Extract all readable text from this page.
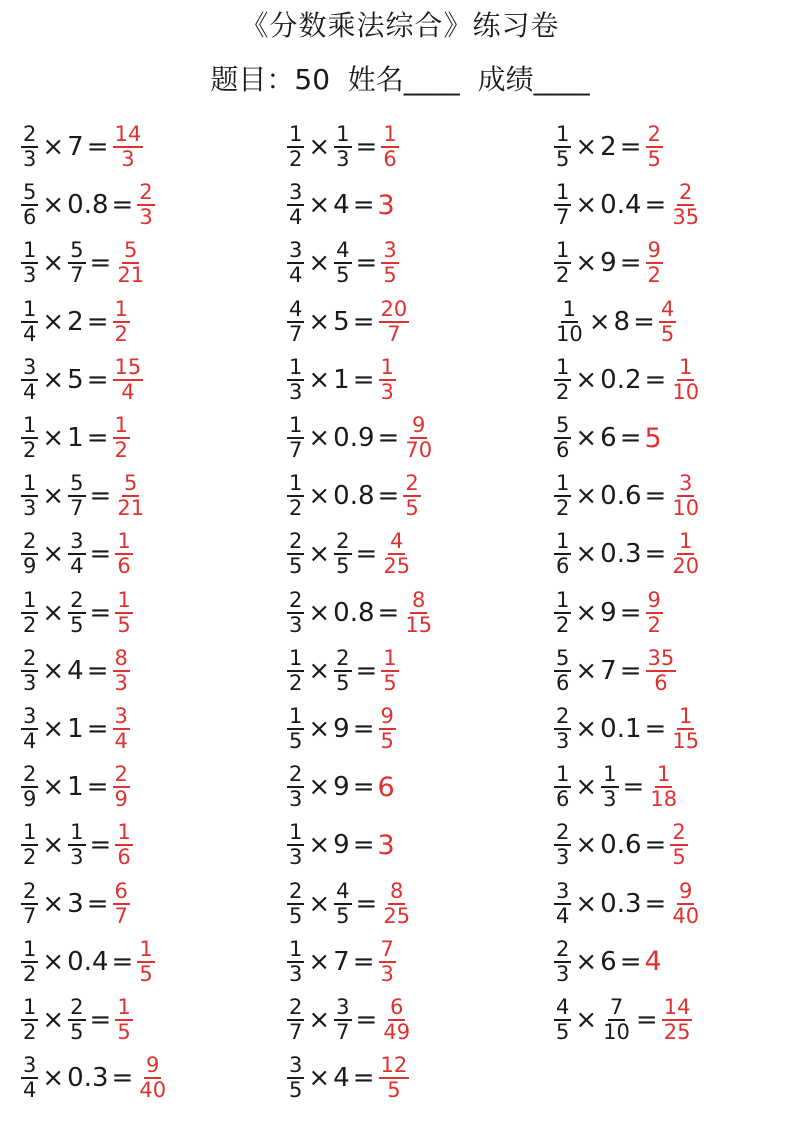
《分数乘法综合》练习卷
题目：50  姓名____  成绩____
$\frac{2}{3} \times 7 = \frac{14}{3}$
$\frac{5}{6} \times 0.8 = \frac{2}{3}$
$\frac{1}{3} \times \frac{5}{7} = \frac{5}{21}$
$\frac{1}{4} \times 2 = \frac{1}{2}$
$\frac{3}{4} \times 5 = \frac{15}{4}$
$\frac{1}{2} \times 1 = \frac{1}{2}$
$\frac{1}{3} \times \frac{5}{7} = \frac{5}{21}$
$\frac{2}{9} \times \frac{3}{4} = \frac{1}{6}$
$\frac{1}{2} \times \frac{2}{5} = \frac{1}{5}$
$\frac{2}{3} \times 4 = \frac{8}{3}$
$\frac{3}{4} \times 1 = \frac{3}{4}$
$\frac{2}{9} \times 1 = \frac{2}{9}$
$\frac{1}{2} \times \frac{1}{3} = \frac{1}{6}$
$\frac{2}{7} \times 3 = \frac{6}{7}$
$\frac{1}{2} \times 0.4 = \frac{1}{5}$
$\frac{1}{2} \times \frac{2}{5} = \frac{1}{5}$
$\frac{3}{4} \times 0.3 = \frac{9}{40}$
$\frac{1}{2} \times \frac{1}{3} = \frac{1}{6}$
$\frac{3}{4} \times 4 = 3$
$\frac{3}{4} \times \frac{4}{5} = \frac{3}{5}$
$\frac{4}{7} \times 5 = \frac{20}{7}$
$\frac{1}{3} \times 1 = \frac{1}{3}$
$\frac{1}{7} \times 0.9 = \frac{9}{70}$
$\frac{1}{2} \times 0.8 = \frac{2}{5}$
$\frac{2}{5} \times \frac{2}{5} = \frac{4}{25}$
$\frac{2}{3} \times 0.8 = \frac{8}{15}$
$\frac{1}{2} \times \frac{2}{5} = \frac{1}{5}$
$\frac{1}{5} \times 9 = \frac{9}{5}$
$\frac{2}{3} \times 9 = 6$
$\frac{1}{3} \times 9 = 3$
$\frac{2}{5} \times \frac{4}{5} = \frac{8}{25}$
$\frac{1}{3} \times 7 = \frac{7}{3}$
$\frac{2}{7} \times \frac{3}{7} = \frac{6}{49}$
$\frac{3}{5} \times 4 = \frac{12}{5}$
$\frac{1}{5} \times 2 = \frac{2}{5}$
$\frac{1}{7} \times 0.4 = \frac{2}{35}$
$\frac{1}{2} \times 9 = \frac{9}{2}$
$\frac{1}{10} \times 8 = \frac{4}{5}$
$\frac{1}{2} \times 0.2 = \frac{1}{10}$
$\frac{5}{6} \times 6 = 5$
$\frac{1}{2} \times 0.6 = \frac{3}{10}$
$\frac{1}{6} \times 0.3 = \frac{1}{20}$
$\frac{1}{2} \times 9 = \frac{9}{2}$
$\frac{5}{6} \times 7 = \frac{35}{6}$
$\frac{2}{3} \times 0.1 = \frac{1}{15}$
$\frac{1}{6} \times \frac{1}{3} = \frac{1}{18}$
$\frac{2}{3} \times 0.6 = \frac{2}{5}$
$\frac{3}{4} \times 0.3 = \frac{9}{40}$
$\frac{2}{3} \times 6 = 4$
$\frac{4}{5} \times \frac{7}{10} = \frac{14}{25}$
